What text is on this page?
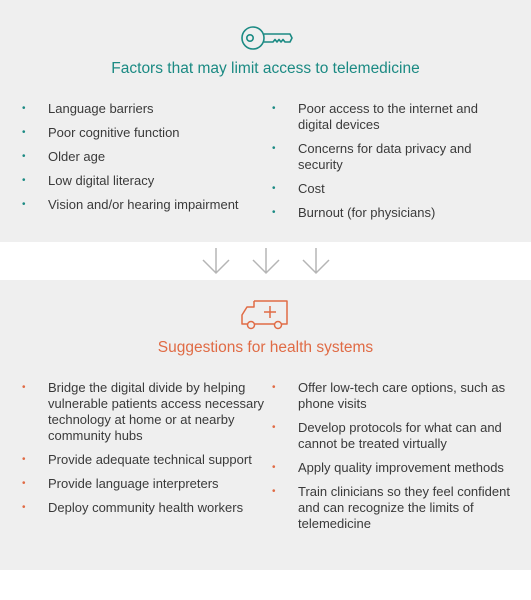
Factors that may limit access to telemedicine
• Language barriers
• Poor cognitive function
• Older age
• Low digital literacy
• Vision and/or hearing impairment
• Poor access to the internet and digital devices
• Concerns for data privacy and security
• Cost
• Burnout (for physicians)
Suggestions for health systems
• Bridge the digital divide by helping vulnerable patients access necessary technology at home or at nearby community hubs
• Provide adequate technical support
• Provide language interpreters
• Deploy community health workers
• Offer low-tech care options, such as phone visits
• Develop protocols for what can and cannot be treated virtually
• Apply quality improvement methods
• Train clinicians so they feel confident and can recognize the limits of telemedicine
